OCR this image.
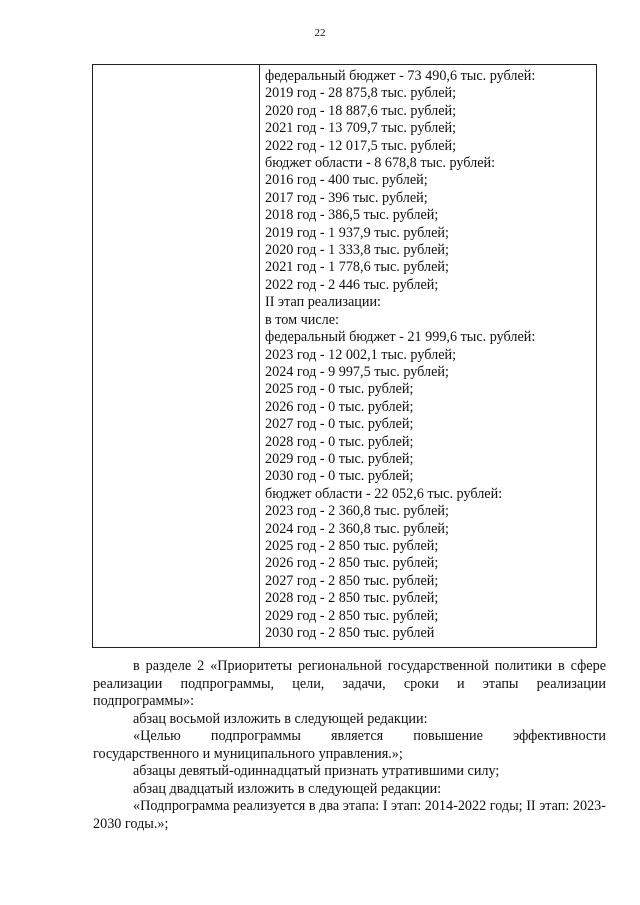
22
федеральный бюджет - 73 490,6 тыс. рублей:
2019 год - 28 875,8 тыс. рублей;
2020 год - 18 887,6 тыс. рублей;
2021 год - 13 709,7 тыс. рублей;
2022 год - 12 017,5 тыс. рублей;
бюджет области - 8 678,8 тыс. рублей:
2016 год - 400 тыс. рублей;
2017 год - 396 тыс. рублей;
2018 год - 386,5 тыс. рублей;
2019 год - 1 937,9 тыс. рублей;
2020 год - 1 333,8 тыс. рублей;
2021 год - 1 778,6 тыс. рублей;
2022 год - 2 446 тыс. рублей;
II этап реализации:
в том числе:
федеральный бюджет - 21 999,6 тыс. рублей:
2023 год - 12 002,1 тыс. рублей;
2024 год - 9 997,5 тыс. рублей;
2025 год - 0 тыс. рублей;
2026 год - 0 тыс. рублей;
2027 год - 0 тыс. рублей;
2028 год - 0 тыс. рублей;
2029 год - 0 тыс. рублей;
2030 год - 0 тыс. рублей;
бюджет области - 22 052,6 тыс. рублей:
2023 год - 2 360,8 тыс. рублей;
2024 год - 2 360,8 тыс. рублей;
2025 год - 2 850 тыс. рублей;
2026 год - 2 850 тыс. рублей;
2027 год - 2 850 тыс. рублей;
2028 год - 2 850 тыс. рублей;
2029 год - 2 850 тыс. рублей;
2030 год - 2 850 тыс. рублей

в разделе 2 «Приоритеты региональной государственной политики в сфере реализации подпрограммы, цели, задачи, сроки и этапы реализации подпрограммы»:

абзац восьмой изложить в следующей редакции:

«Целью подпрограммы является повышение эффективности государственного и муниципального управления.»;

абзацы девятый-одиннадцатый признать утратившими силу;

абзац двадцатый изложить в следующей редакции:

«Подпрограмма реализуется в два этапа: I этап: 2014-2022 годы; II этап: 2023-2030 годы.»;
